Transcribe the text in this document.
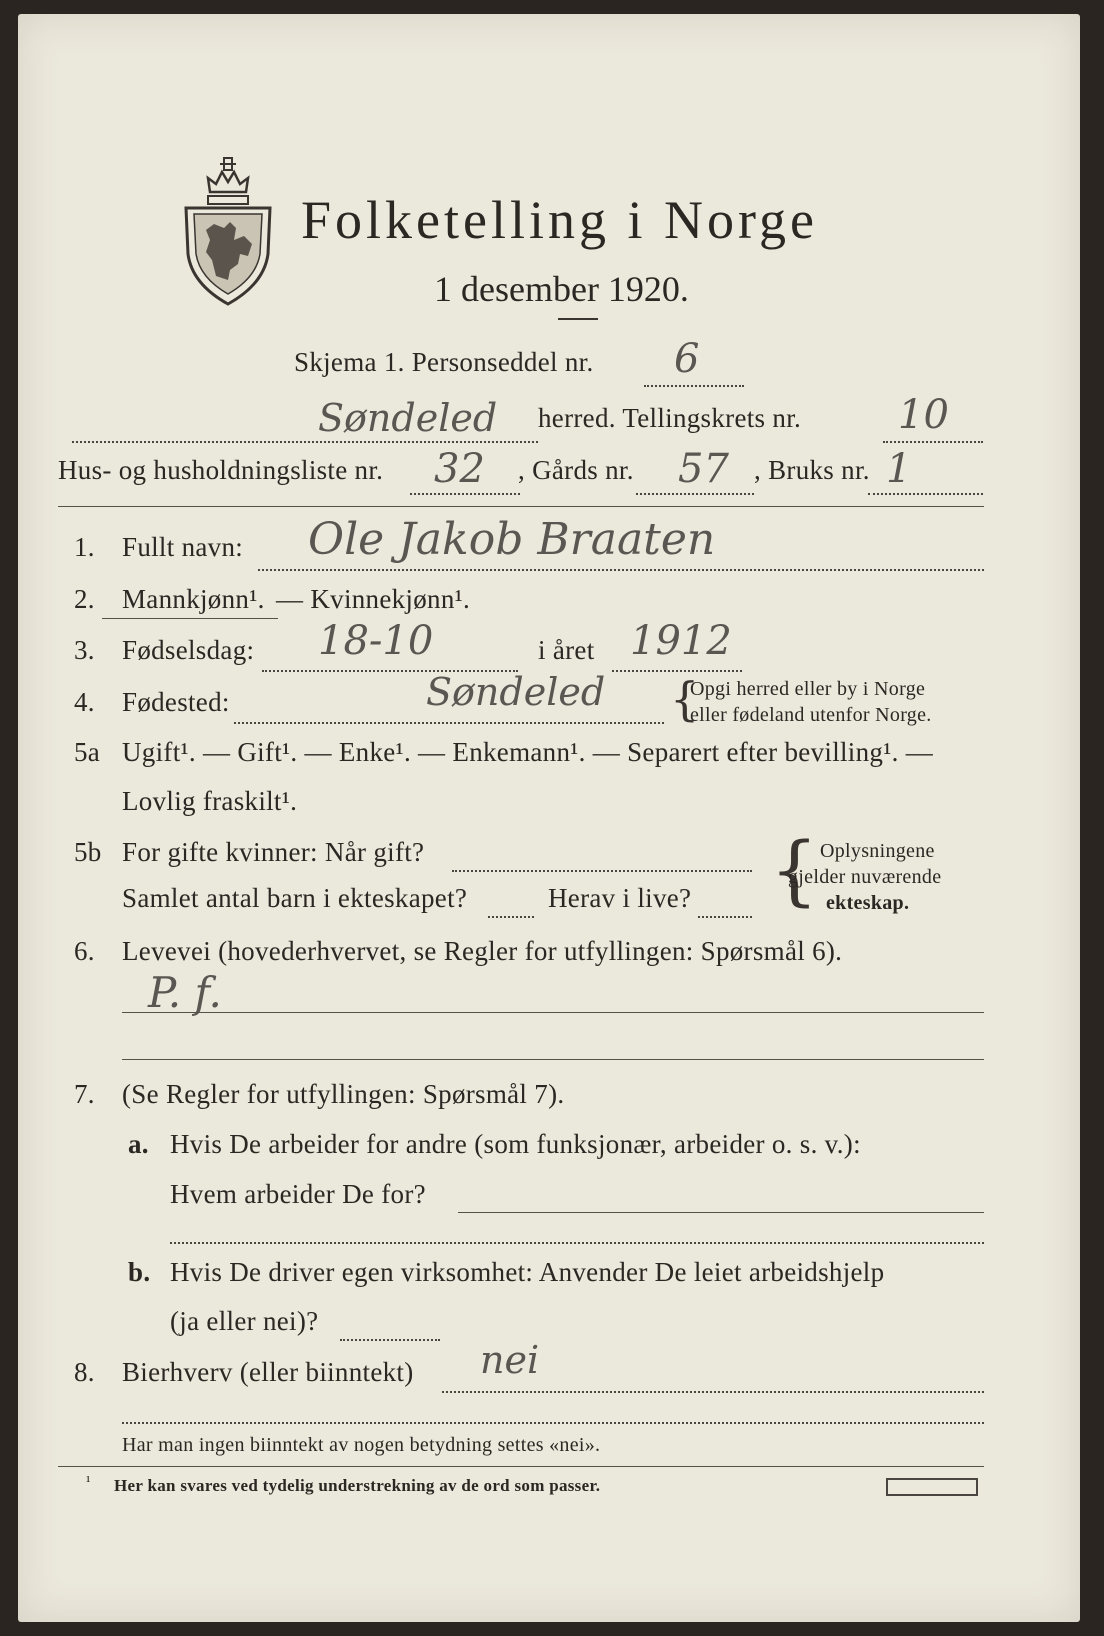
Folketelling i Norge
1 desember 1920.
Skjema 1. Personseddel nr. 6
Søndeled herred. Tellingskrets nr. 10
Hus- og husholdningsliste nr. 32 , Gårds nr. 57 , Bruks nr. 1
1. Fullt navn: Ole Jakob Braaten
2. Mannkjønn¹. — Kvinnekjønn¹.
3. Fødselsdag: 18-10	i året 1912
4. Fødested:	Søndeled {
Opgi herred eller by i Norge
eller fødeland utenfor Norge.
5a Ugift¹. — Gift¹. — Enke¹. — Enkemann¹. — Separert efter bevilling¹. —
Lovlig fraskilt¹.
5b For gifte kvinner: Når gift?
Samlet antal barn i ekteskapet?	Herav i live? { Oplysningene
gjelder nuværende
ekteskap.
6. Levevei (hovederhvervet, se Regler for utfyllingen: Spørsmål 6).
P. f.
7. (Se Regler for utfyllingen: Spørsmål 7).
a. Hvis De arbeider for andre (som funksjonær, arbeider o. s. v.):
Hvem arbeider De for?
b. Hvis De driver egen virksomhet: Anvender De leiet arbeidshjelp
(ja eller nei)?
8. Bierhverv (eller biinntekt) nei
Har man ingen biinntekt av nogen betydning settes «nei».
¹ Her kan svares ved tydelig understrekning av de ord som passer.
